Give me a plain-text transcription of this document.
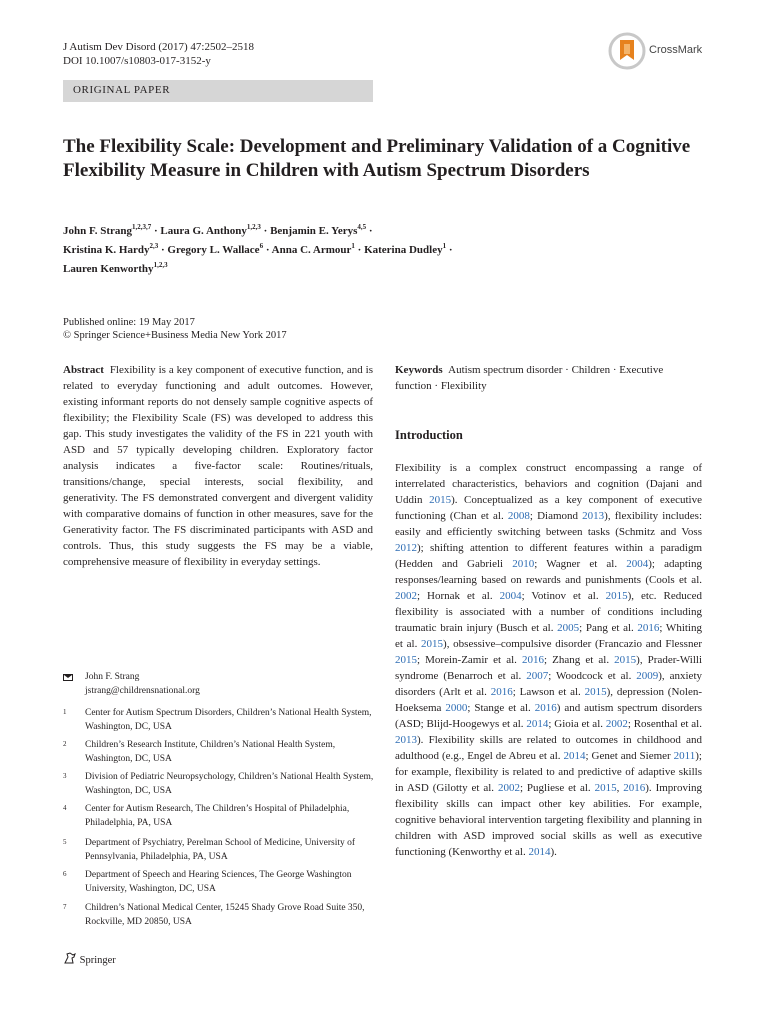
J Autism Dev Disord (2017) 47:2502–2518
DOI 10.1007/s10803-017-3152-y
CrossMark
ORIGINAL PAPER
The Flexibility Scale: Development and Preliminary Validation of a Cognitive Flexibility Measure in Children with Autism Spectrum Disorders
John F. Strang$^{1,2,3,7}$ · Laura G. Anthony$^{1,2,3}$ · Benjamin E. Yerys$^{4,5}$ ·
Kristina K. Hardy$^{2,3}$ · Gregory L. Wallace$^6$ · Anna C. Armour$^1$ · Katerina Dudley$^1$ ·
Lauren Kenworthy$^{1,2,3}$
Published online: 19 May 2017
© Springer Science+Business Media New York 2017
Abstract Flexibility is a key component of executive function, and is related to everyday functioning and adult outcomes. However, existing informant reports do not densely sample cognitive aspects of flexibility; the Flexibility Scale (FS) was developed to address this gap. This study investigates the validity of the FS in 221 youth with ASD and 57 typically developing children. Exploratory factor analysis indicates a five-factor scale: Routines/rituals, transitions/change, special interests, social flexibility, and generativity. The FS demonstrated convergent and divergent validity with comparative domains of function in other measures, save for the Generativity factor. The FS discriminated participants with ASD and controls. Thus, this study suggests the FS may be a viable, comprehensive measure of flexibility in everyday settings.
Keywords Autism spectrum disorder · Children · Executive function · Flexibility
Introduction
Flexibility is a complex construct encompassing a range of interrelated characteristics, behaviors and cognition (Dajani and Uddin 2015). Conceptualized as a key component of executive functioning (Chan et al. 2008; Diamond 2013), flexibility includes: easily and efficiently switching between tasks (Schmitz and Voss 2012); shifting attention to different features within a paradigm (Hedden and Gabrieli 2010; Wagner et al. 2004); adapting responses/learning based on rewards and punishments (Cools et al. 2002; Hornak et al. 2004; Votinov et al. 2015), etc. Reduced flexibility is associated with a number of conditions including traumatic brain injury (Busch et al. 2005; Pang et al. 2016; Whiting et al. 2015), obsessive–compulsive disorder (Francazio and Flessner 2015; Morein-Zamir et al. 2016; Zhang et al. 2015), Prader-Willi syndrome (Benarroch et al. 2007; Woodcock et al. 2009), anxiety disorders (Arlt et al. 2016; Lawson et al. 2015), depression (Nolen-Hoeksema 2000; Stange et al. 2016) and autism spectrum disorders (ASD; Blijd-Hoogewys et al. 2014; Gioia et al. 2002; Rosenthal et al. 2013). Flexibility skills are related to outcomes in childhood and adulthood (e.g., Engel de Abreu et al. 2014; Genet and Siemer 2011); for example, flexibility is related to and predictive of adaptive skills in ASD (Gilotty et al. 2002; Pugliese et al. 2015, 2016). Improving flexibility skills can impact other key abilities. For example, cognitive behavioral intervention targeting flexibility and planning in children with ASD improved social skills as well as executive functioning (Kenworthy et al. 2014).
John F. Strang
jstrang@childrensnational.org
1 Center for Autism Spectrum Disorders, Children’s National Health System, Washington, DC, USA
2 Children’s Research Institute, Children’s National Health System, Washington, DC, USA
3 Division of Pediatric Neuropsychology, Children’s National Health System, Washington, DC, USA
4 Center for Autism Research, The Children’s Hospital of Philadelphia, Philadelphia, PA, USA
5 Department of Psychiatry, Perelman School of Medicine, University of Pennsylvania, Philadelphia, PA, USA
6 Department of Speech and Hearing Sciences, The George Washington University, Washington, DC, USA
7 Children’s National Medical Center, 15245 Shady Grove Road Suite 350, Rockville, MD 20850, USA
Springer
